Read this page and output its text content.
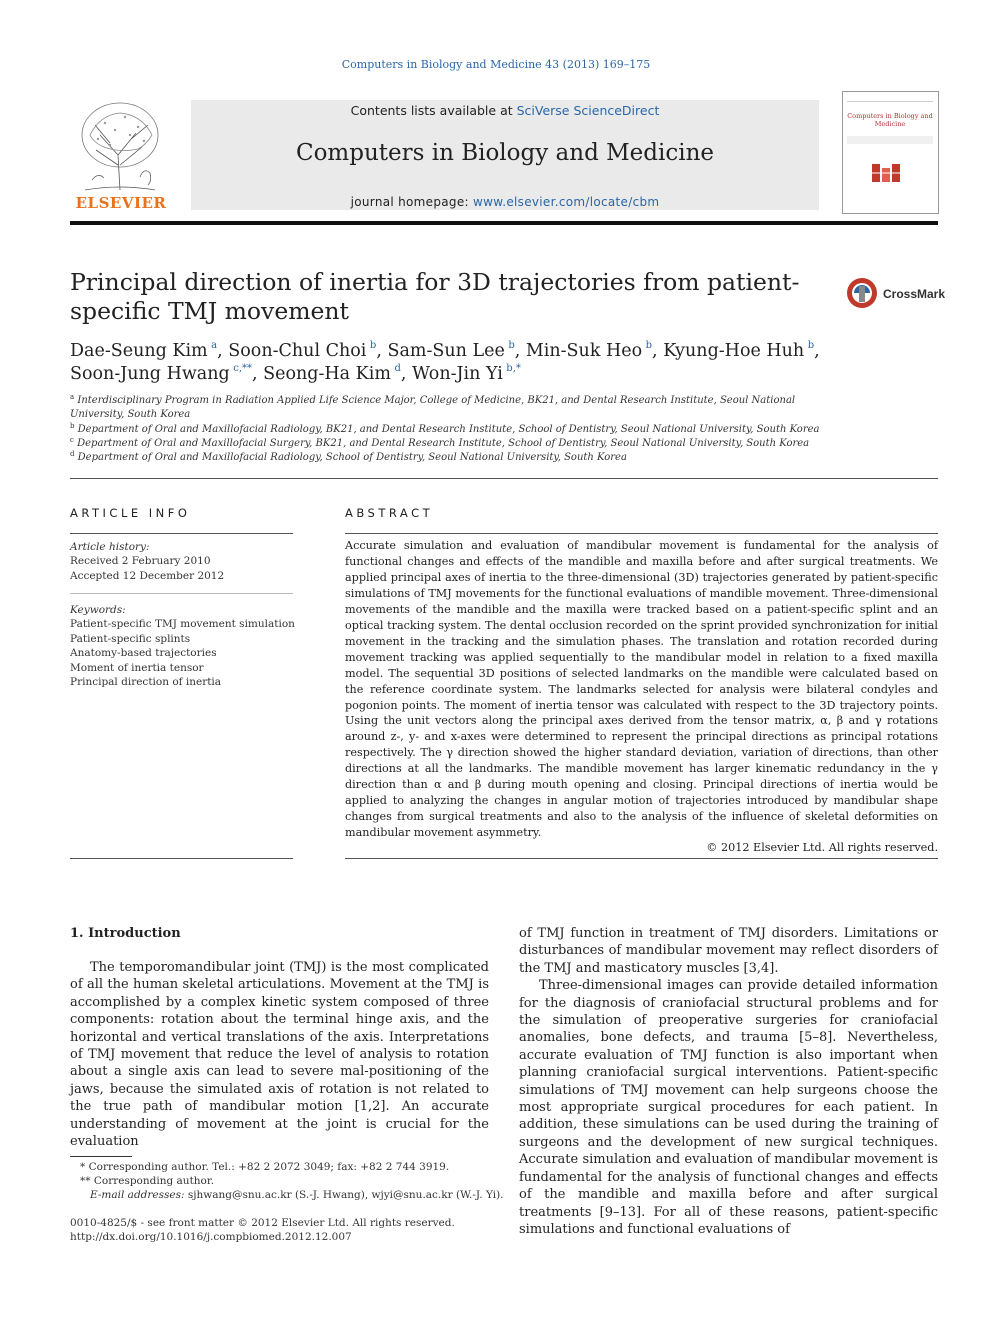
Computers in Biology and Medicine 43 (2013) 169–175
ELSEVIER
Contents lists available at SciVerse ScienceDirect
Computers in Biology and Medicine
journal homepage: www.elsevier.com/locate/cbm
Computers in Biology and Medicine
Principal direction of inertia for 3D trajectories from patient-specific TMJ movement
CrossMark
Dae-Seung Kim  $^a$, Soon-Chul Choi  $^b$, Sam-Sun Lee  $^b$, Min-Suk Heo  $^b$, Kyung-Hoe Huh  $^b$,
Soon-Jung Hwang  $^{c,**}$, Seong-Ha Kim  $^d$, Won-Jin Yi  $^{b,*}$
$^a$ Interdisciplinary Program in Radiation Applied Life Science Major, College of Medicine, BK21, and Dental Research Institute, Seoul National University, South Korea
$^b$ Department of Oral and Maxillofacial Radiology, BK21, and Dental Research Institute, School of Dentistry, Seoul National University, South Korea
$^c$ Department of Oral and Maxillofacial Surgery, BK21, and Dental Research Institute, School of Dentistry, Seoul National University, South Korea
$^d$ Department of Oral and Maxillofacial Radiology, School of Dentistry, Seoul National University, South Korea
ARTICLE INFO
Article history:
Received 2 February 2010
Accepted 12 December 2012
Keywords:
Patient-specific TMJ movement simulation
Patient-specific splints
Anatomy-based trajectories
Moment of inertia tensor
Principal direction of inertia
ABSTRACT
Accurate simulation and evaluation of mandibular movement is fundamental for the analysis of functional changes and effects of the mandible and maxilla before and after surgical treatments. We applied principal axes of inertia to the three-dimensional (3D) trajectories generated by patient-specific simulations of TMJ movements for the functional evaluations of mandible movement. Three-dimensional movements of the mandible and the maxilla were tracked based on a patient-specific splint and an optical tracking system. The dental occlusion recorded on the sprint provided synchronization for initial movement in the tracking and the simulation phases. The translation and rotation recorded during movement tracking was applied sequentially to the mandibular model in relation to a fixed maxilla model. The sequential 3D positions of selected landmarks on the mandible were calculated based on the reference coordinate system. The landmarks selected for analysis were bilateral condyles and pogonion points. The moment of inertia tensor was calculated with respect to the 3D trajectory points. Using the unit vectors along the principal axes derived from the tensor matrix, α, β and γ rotations around z-, y- and x-axes were determined to represent the principal directions as principal rotations respectively. The γ direction showed the higher standard deviation, variation of directions, than other directions at all the landmarks. The mandible movement has larger kinematic redundancy in the γ direction than α and β during mouth opening and closing. Principal directions of inertia would be applied to analyzing the changes in angular motion of trajectories introduced by mandibular shape changes from surgical treatments and also to the analysis of the influence of skeletal deformities on mandibular movement asymmetry.
© 2012 Elsevier Ltd. All rights reserved.
1. Introduction

The temporomandibular joint (TMJ) is the most complicated of all the human skeletal articulations. Movement at the TMJ is accomplished by a complex kinetic system composed of three components: rotation about the terminal hinge axis, and the horizontal and vertical translations of the axis. Interpretations of TMJ movement that reduce the level of analysis to rotation about a single axis can lead to severe mal-positioning of the jaws, because the simulated axis of rotation is not related to the true path of mandibular motion [1,2]. An accurate understanding of movement at the joint is crucial for the evaluation

of TMJ function in treatment of TMJ disorders. Limitations or disturbances of mandibular movement may reflect disorders of the TMJ and masticatory muscles [3,4].

Three-dimensional images can provide detailed information for the diagnosis of craniofacial structural problems and for the simulation of preoperative surgeries for craniofacial anomalies, bone defects, and trauma [5–8]. Nevertheless, accurate evaluation of TMJ function is also important when planning craniofacial surgical interventions. Patient-specific simulations of TMJ movement can help surgeons choose the most appropriate surgical procedures for each patient. In addition, these simulations can be used during the training of surgeons and the development of new surgical techniques. Accurate simulation and evaluation of mandibular movement is fundamental for the analysis of functional changes and effects of the mandible and maxilla before and after surgical treatments [9–13]. For all of these reasons, patient-specific simulations and functional evaluations of

* Corresponding author. Tel.: +82 2 2072 3049; fax: +82 2 744 3919.
** Corresponding author.
E-mail addresses: sjhwang@snu.ac.kr (S.-J. Hwang), wjyi@snu.ac.kr (W.-J. Yi).
0010-4825/$ - see front matter © 2012 Elsevier Ltd. All rights reserved.
http://dx.doi.org/10.1016/j.compbiomed.2012.12.007
